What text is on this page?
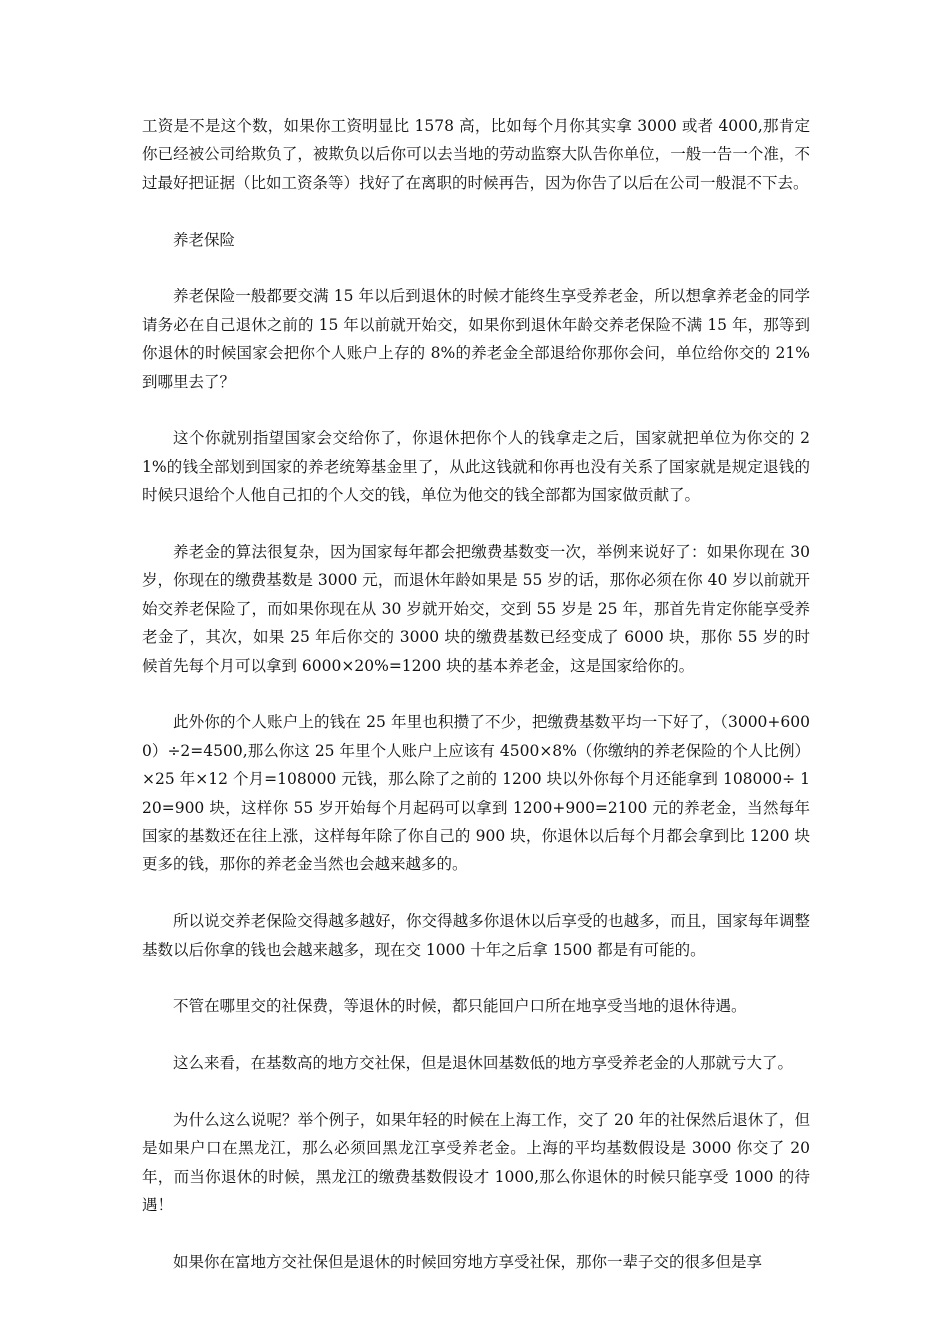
工资是不是这个数，如果你工资明显比 1578 高，比如每个月你其实拿 3000 或者 4000,那肯定你已经被公司给欺负了，被欺负以后你可以去当地的劳动监察大队告你单位，一般一告一个准，不过最好把证据（比如工资条等）找好了在离职的时候再告，因为你告了以后在公司一般混不下去。

养老保险

养老保险一般都要交满 15 年以后到退休的时候才能终生享受养老金，所以想拿养老金的同学请务必在自己退休之前的 15 年以前就开始交，如果你到退休年龄交养老保险不满 15 年，那等到你退休的时候国家会把你个人账户上存的 8%的养老金全部退给你那你会问，单位给你交的 21%到哪里去了？

这个你就别指望国家会交给你了，你退休把你个人的钱拿走之后，国家就把单位为你交的 21%的钱全部划到国家的养老统筹基金里了，从此这钱就和你再也没有关系了国家就是规定退钱的时候只退给个人他自己扣的个人交的钱，单位为他交的钱全部都为国家做贡献了。

养老金的算法很复杂，因为国家每年都会把缴费基数变一次，举例来说好了：如果你现在 30 岁，你现在的缴费基数是 3000 元，而退休年龄如果是 55 岁的话，那你必须在你 40 岁以前就开始交养老保险了，而如果你现在从 30 岁就开始交，交到 55 岁是 25 年，那首先肯定你能享受养老金了，其次，如果 25 年后你交的 3000 块的缴费基数已经变成了 6000 块，那你 55 岁的时候首先每个月可以拿到 6000×20%=1200 块的基本养老金，这是国家给你的。

此外你的个人账户上的钱在 25 年里也积攒了不少，把缴费基数平均一下好了，（3000+6000）÷2=4500,那么你这 25 年里个人账户上应该有 4500×8%（你缴纳的养老保险的个人比例）×25 年×12 个月=108000 元钱，那么除了之前的 1200 块以外你每个月还能拿到 108000÷ 120=900 块，这样你 55 岁开始每个月起码可以拿到 1200+900=2100 元的养老金，当然每年国家的基数还在往上涨，这样每年除了你自己的 900 块，你退休以后每个月都会拿到比 1200 块更多的钱，那你的养老金当然也会越来越多的。

所以说交养老保险交得越多越好，你交得越多你退休以后享受的也越多，而且，国家每年调整基数以后你拿的钱也会越来越多，现在交 1000 十年之后拿 1500 都是有可能的。

不管在哪里交的社保费，等退休的时候，都只能回户口所在地享受当地的退休待遇。

这么来看，在基数高的地方交社保，但是退休回基数低的地方享受养老金的人那就亏大了。

为什么这么说呢？举个例子，如果年轻的时候在上海工作，交了 20 年的社保然后退休了，但是如果户口在黑龙江，那么必须回黑龙江享受养老金。上海的平均基数假设是 3000 你交了 20 年，而当你退休的时候，黑龙江的缴费基数假设才 1000,那么你退休的时候只能享受 1000 的待遇！

如果你在富地方交社保但是退休的时候回穷地方享受社保，那你一辈子交的很多但是享
